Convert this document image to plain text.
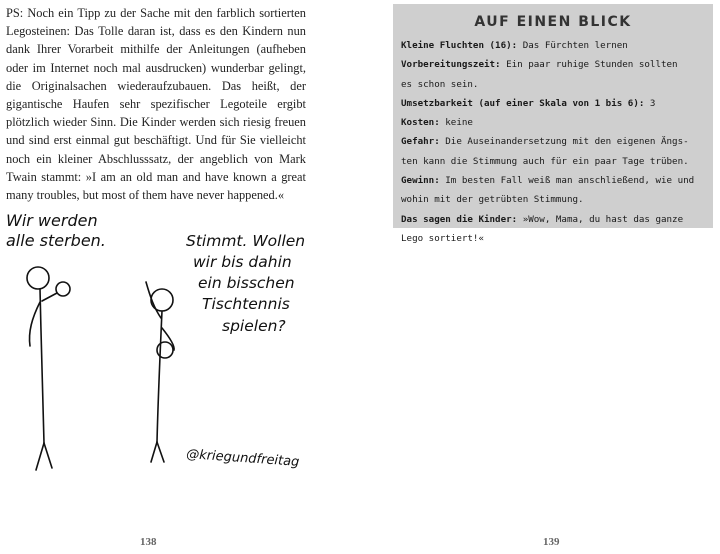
PS: Noch ein Tipp zu der Sache mit den farblich sortierten Legosteinen: Das Tolle daran ist, dass es den Kindern nun dank Ihrer Vorarbeit mithilfe der Anleitungen (aufheben oder im Internet noch mal ausdrucken) wunderbar gelingt, die Originalsachen wiederaufzubauen. Das heißt, der gigantische Haufen sehr spezifischer Legoteile ergibt plötzlich wieder Sinn. Die Kinder werden sich riesig freuen und sind erst einmal gut beschäftigt. Und für Sie vielleicht noch ein kleiner Abschlusssatz, der angeblich von Mark Twain stammt: »I am an old man and have known a great many troubles, but most of them have never happened.«

Wir werden
alle sterben.	Stimmt. Wollen
wir bis dahin
ein bisschen
Tischtennis
spielen?
@kriegundfreitag

138

AUF EINEN BLICK
Kleine Fluchten (16): Das Fürchten lernen
Vorbereitungszeit: Ein paar ruhige Stunden sollten
es schon sein.
Umsetzbarkeit (auf einer Skala von 1 bis 6): 3
Kosten: keine
Gefahr: Die Auseinandersetzung mit den eigenen Ängs-
ten kann die Stimmung auch für ein paar Tage trüben.
Gewinn: Im besten Fall weiß man anschließend, wie und
wohin mit der getrübten Stimmung.
Das sagen die Kinder: »Wow, Mama, du hast das ganze
Lego sortiert!«

139
